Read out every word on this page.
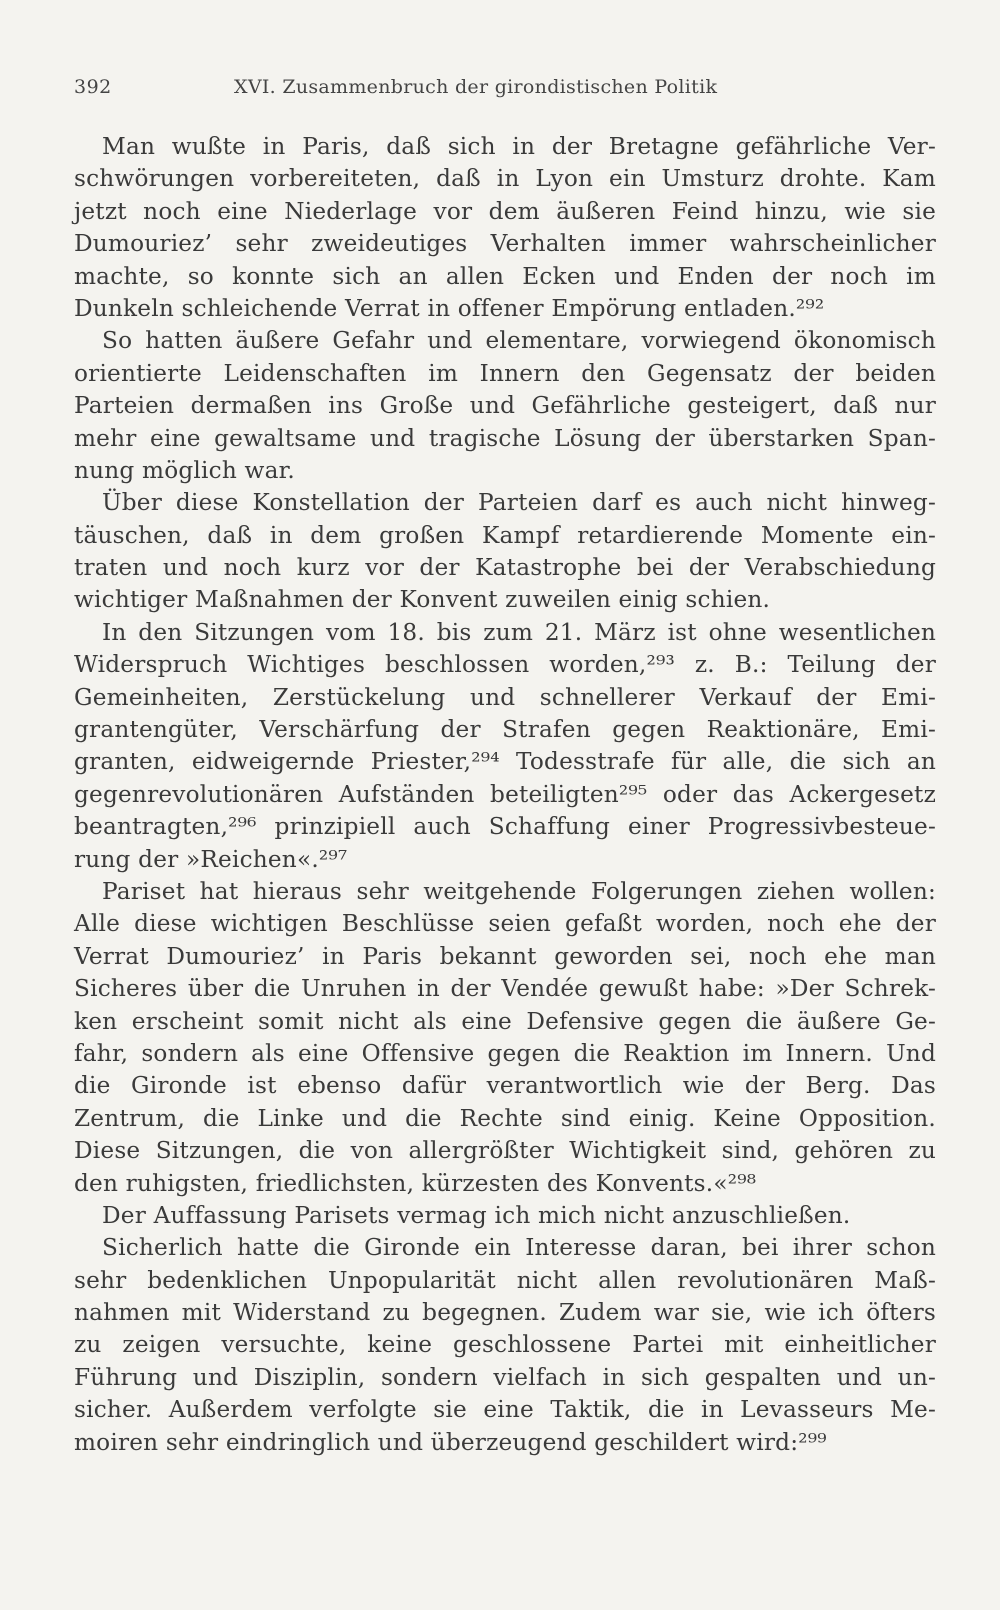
392	XVI. Zusammenbruch der girondistischen Politik
Man wußte in Paris, daß sich in der Bretagne gefährliche Ver-
schwörungen vorbereiteten, daß in Lyon ein Umsturz drohte. Kam
jetzt noch eine Niederlage vor dem äußeren Feind hinzu, wie sie
Dumouriez’ sehr zweideutiges Verhalten immer wahrscheinlicher
machte, so konnte sich an allen Ecken und Enden der noch im
Dunkeln schleichende Verrat in offener Empörung entladen.²⁹²
So hatten äußere Gefahr und elementare, vorwiegend ökonomisch
orientierte Leidenschaften im Innern den Gegensatz der beiden
Parteien dermaßen ins Große und Gefährliche gesteigert, daß nur
mehr eine gewaltsame und tragische Lösung der überstarken Span-
nung möglich war.
Über diese Konstellation der Parteien darf es auch nicht hinweg-
täuschen, daß in dem großen Kampf retardierende Momente ein-
traten und noch kurz vor der Katastrophe bei der Verabschiedung
wichtiger Maßnahmen der Konvent zuweilen einig schien.
In den Sitzungen vom 18. bis zum 21. März ist ohne wesentlichen
Widerspruch Wichtiges beschlossen worden,²⁹³ z. B.: Teilung der
Gemeinheiten, Zerstückelung und schnellerer Verkauf der Emi-
grantengüter, Verschärfung der Strafen gegen Reaktionäre, Emi-
granten, eidweigernde Priester,²⁹⁴ Todesstrafe für alle, die sich an
gegenrevolutionären Aufständen beteiligten²⁹⁵ oder das Ackergesetz
beantragten,²⁹⁶ prinzipiell auch Schaffung einer Progressivbesteue-
rung der »Reichen«.²⁹⁷
Pariset hat hieraus sehr weitgehende Folgerungen ziehen wollen:
Alle diese wichtigen Beschlüsse seien gefaßt worden, noch ehe der
Verrat Dumouriez’ in Paris bekannt geworden sei, noch ehe man
Sicheres über die Unruhen in der Vendée gewußt habe: »Der Schrek-
ken erscheint somit nicht als eine Defensive gegen die äußere Ge-
fahr, sondern als eine Offensive gegen die Reaktion im Innern. Und
die Gironde ist ebenso dafür verantwortlich wie der Berg. Das
Zentrum, die Linke und die Rechte sind einig. Keine Opposition.
Diese Sitzungen, die von allergrößter Wichtigkeit sind, gehören zu
den ruhigsten, friedlichsten, kürzesten des Konvents.«²⁹⁸
Der Auffassung Parisets vermag ich mich nicht anzuschließen.
Sicherlich hatte die Gironde ein Interesse daran, bei ihrer schon
sehr bedenklichen Unpopularität nicht allen revolutionären Maß-
nahmen mit Widerstand zu begegnen. Zudem war sie, wie ich öfters
zu zeigen versuchte, keine geschlossene Partei mit einheitlicher
Führung und Disziplin, sondern vielfach in sich gespalten und un-
sicher. Außerdem verfolgte sie eine Taktik, die in Levasseurs Me-
moiren sehr eindringlich und überzeugend geschildert wird:²⁹⁹
